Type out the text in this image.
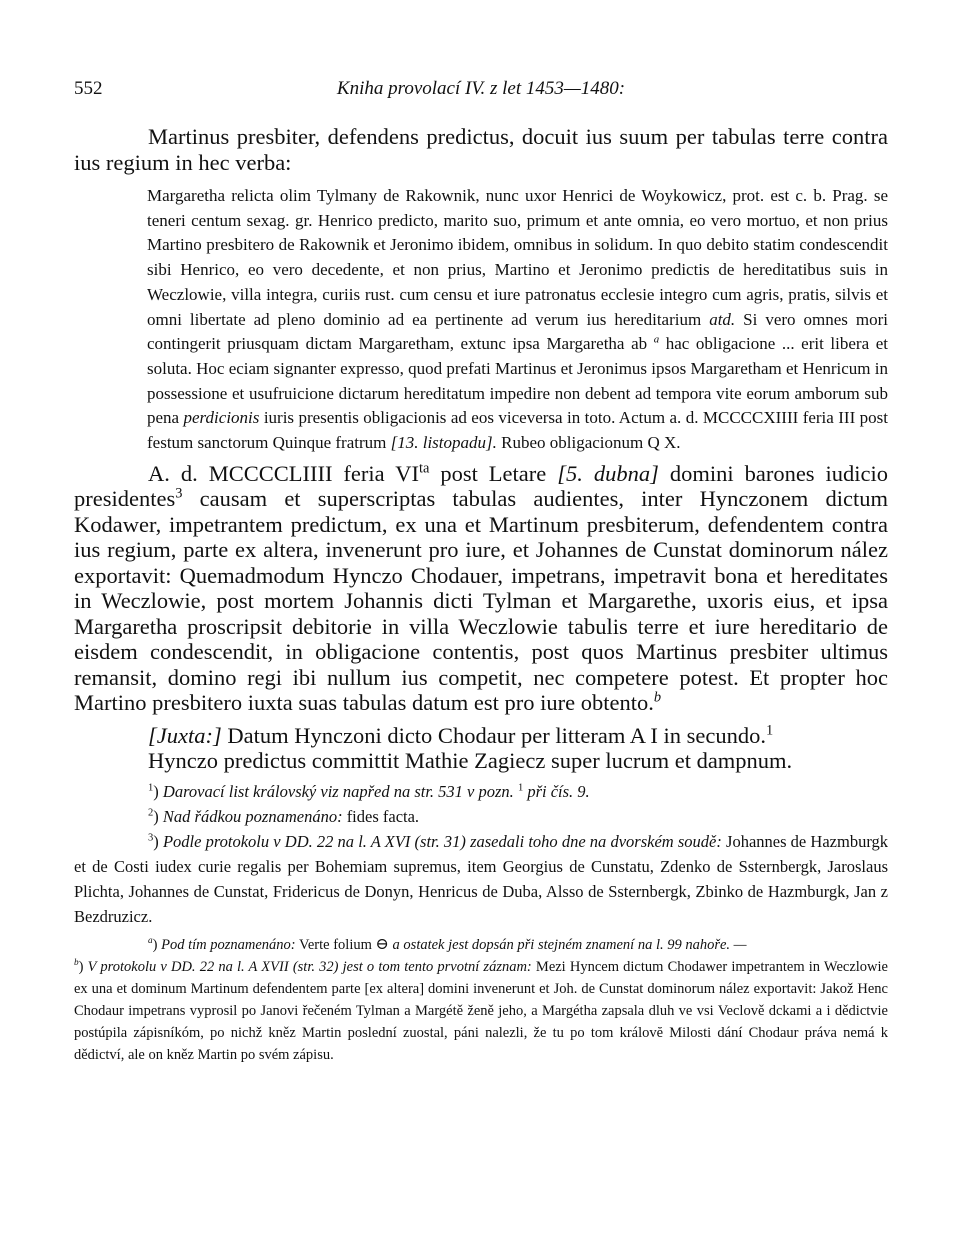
552	Kniha provolací IV. z let 1453—1480:

Martinus presbiter, defendens predictus, docuit ius suum per tabulas terre contra ius regium in hec verba:

Margaretha relicta olim Tylmany de Rakownik, nunc uxor Henrici de Woykowicz, prot. est c. b. Prag. se teneri centum sexag. gr. Henrico predicto, marito suo, primum et ante omnia, eo vero mortuo, et non prius Martino presbitero de Rakownik et Jeronimo ibidem, omnibus in solidum. In quo debito statim condescendit sibi Henrico, eo vero decedente, et non prius, Martino et Jeronimo predictis de hereditatibus suis in Weczlowie, villa integra, curiis rust. cum censu et iure patronatus ecclesie integro cum agris, pratis, silvis et omni libertate ad pleno dominio ad ea pertinente ad verum ius hereditarium atd. Si vero omnes mori contingerit priusquam dictam Margaretham, extunc ipsa Margaretha ab $^a$ hac obligacione ... erit libera et soluta. Hoc eciam signanter expresso, quod prefati Martinus et Jeronimus ipsos Margaretham et Henricum in possessione et usufruicione dictarum hereditatum impedire non debent ad tempora vite eorum amborum sub pena perdicionis iuris presentis obligacionis ad eos viceversa in toto. Actum a. d. MCCCCXIIII feria III post festum sanctorum Quinque fratrum [13. listopadu]. Rubeo obligacionum Q X.

A. d. MCCCCLIIII feria $VI^{ta}$ post Letare [5. dubna] domini barones iudicio presidentes$^3$ causam et superscriptas tabulas audientes, inter Hynczonem dictum Kodawer, impetrantem predictum, ex una et Martinum presbiterum, defendentem contra ius regium, parte ex altera, invenerunt pro iure, et Johannes de Cunstat dominorum nález exportavit: Quemadmodum Hynczo Chodauer, impetrans, impetravit bona et hereditates in Weczlowie, post mortem Johannis dicti Tylman et Margarethe, uxoris eius, et ipsa Margaretha proscripsit debitorie in villa Weczlowie tabulis terre et iure hereditario de eisdem condescendit, in obligacione contentis, post quos Martinus presbiter ultimus remansit, domino regi ibi nullum ius competit, nec competere potest. Et propter hoc Martino presbitero iuxta suas tabulas datum est pro iure obtento.$^b$

[Juxta:] Datum Hynczoni dicto Chodaur per litteram A I in secundo.$^1$
Hynczo predictus committit Mathie Zagiecz super lucrum et dampnum.

$^1$) Darovací list královský viz napřed na str. 531 v pozn. $^1$ při čís. 9.

$^2$) Nad řádkou poznamenáno: fides facta.

$^3$) Podle protokolu v DD. 22 na l. A XVI (str. 31) zasedali toho dne na dvorském soudě: Johannes de Hazmburgk et de Costi iudex curie regalis per Bohemiam supremus, item Georgius de Cunstatu, Zdenko de Ssternbergk, Jaroslaus Plichta, Johannes de Cunstat, Fridericus de Donyn, Henricus de Duba, Alsso de Ssternbergk, Zbinko de Hazmburgk, Jan z Bezdruzicz.

$^a$) Pod tím poznamenáno: Verte folium ⊖ a ostatek jest dopsán při stejném znamení na l. 99 nahoře. —

$^b$) V protokolu v DD. 22 na l. A XVII (str. 32) jest o tom tento prvotní záznam: Mezi Hyncem dictum Chodawer impetrantem in Weczlowie ex una et dominum Martinum defendentem parte [ex altera] domini invenerunt et Joh. de Cunstat dominorum nález exportavit: Jakož Henc Chodaur impetrans vyprosil po Janovi řečeném Tylman a Margétě ženě jeho, a Margétha zapsala dluh ve vsi Veclově dckami a i dědictvie postúpila zápisníkóm, po nichž kněz Martin poslední zuostal, páni nalezli, že tu po tom královĕ Milosti dání Chodaur práva nemá k dědictví, ale on kněz Martin po svém zápisu.
